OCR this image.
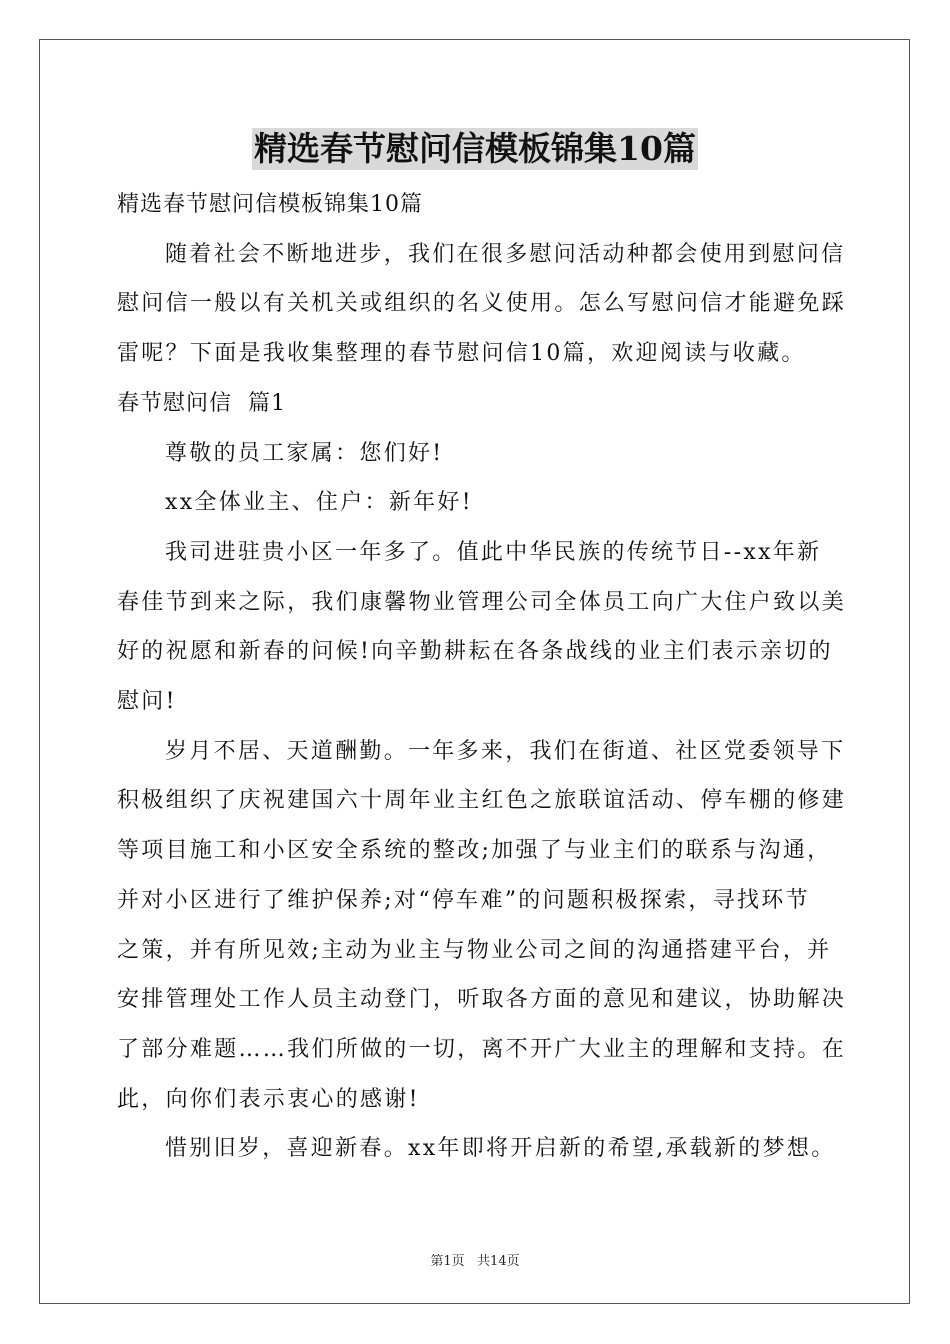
精选春节慰问信模板锦集10篇
精选春节慰问信模板锦集10篇
随着社会不断地进步，我们在很多慰问活动种都会使用到慰问信
慰问信一般以有关机关或组织的名义使用。怎么写慰问信才能避免踩
雷呢？下面是我收集整理的春节慰问信10篇，欢迎阅读与收藏。
春节慰问信  篇1
尊敬的员工家属：您们好!
xx全体业主、住户：新年好!
我司进驻贵小区一年多了。值此中华民族的传统节日--xx年新
春佳节到来之际，我们康馨物业管理公司全体员工向广大住户致以美
好的祝愿和新春的问候!向辛勤耕耘在各条战线的业主们表示亲切的
慰问!
岁月不居、天道酬勤。一年多来，我们在街道、社区党委领导下
积极组织了庆祝建国六十周年业主红色之旅联谊活动、停车棚的修建
等项目施工和小区安全系统的整改;加强了与业主们的联系与沟通，
并对小区进行了维护保养;对“停车难”的问题积极探索，寻找环节
之策，并有所见效;主动为业主与物业公司之间的沟通搭建平台，并
安排管理处工作人员主动登门，听取各方面的意见和建议，协助解决
了部分难题……我们所做的一切，离不开广大业主的理解和支持。在
此，向你们表示衷心的感谢!
惜别旧岁，喜迎新春。xx年即将开启新的希望,承载新的梦想。
第1页   共14页
